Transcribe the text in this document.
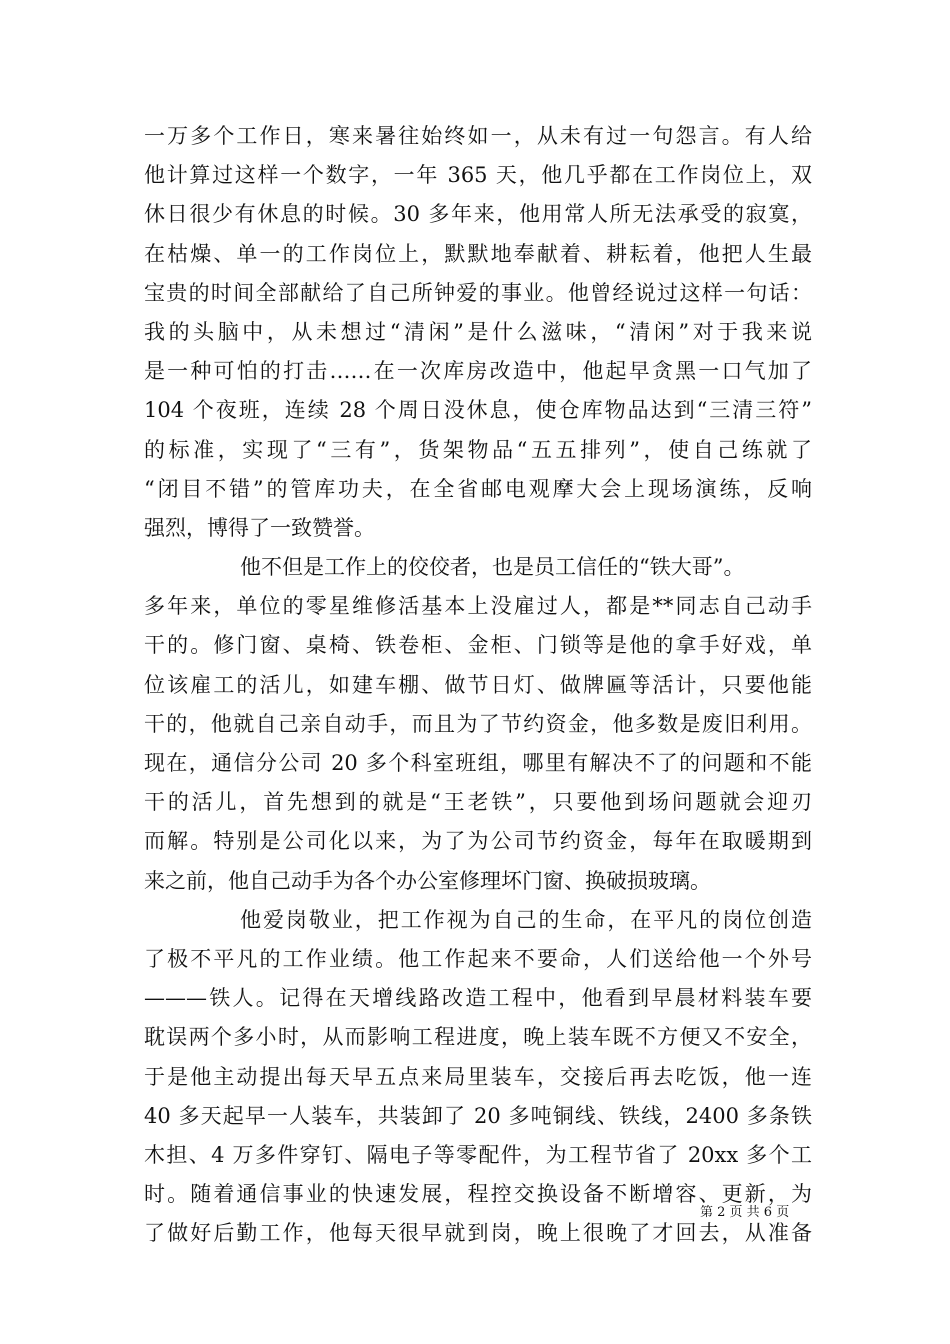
一万多个工作日，寒来暑往始终如一，从未有过一句怨言。有人给
他计算过这样一个数字，一年 365 天，他几乎都在工作岗位上，双
休日很少有休息的时候。30 多年来，他用常人所无法承受的寂寞，
在枯燥、单一的工作岗位上，默默地奉献着、耕耘着，他把人生最
宝贵的时间全部献给了自己所钟爱的事业。他曾经说过这样一句话：
我的头脑中，从未想过“清闲”是什么滋味，“清闲”对于我来说
是一种可怕的打击……在一次库房改造中，他起早贪黑一口气加了
104 个夜班，连续 28 个周日没休息，使仓库物品达到“三清三符”
的标准，实现了“三有”，货架物品“五五排列”，使自己练就了
“闭目不错”的管库功夫，在全省邮电观摩大会上现场演练，反响
强烈，博得了一致赞誉。
他不但是工作上的佼佼者，也是员工信任的“铁大哥”。
多年来，单位的零星维修活基本上没雇过人，都是**同志自己动手
干的。修门窗、桌椅、铁卷柜、金柜、门锁等是他的拿手好戏，单
位该雇工的活儿，如建车棚、做节日灯、做牌匾等活计，只要他能
干的，他就自己亲自动手，而且为了节约资金，他多数是废旧利用。
现在，通信分公司 20 多个科室班组，哪里有解决不了的问题和不能
干的活儿，首先想到的就是“王老铁”，只要他到场问题就会迎刃
而解。特别是公司化以来，为了为公司节约资金，每年在取暖期到
来之前，他自己动手为各个办公室修理坏门窗、换破损玻璃。
他爱岗敬业，把工作视为自己的生命，在平凡的岗位创造
了极不平凡的工作业绩。他工作起来不要命，人们送给他一个外号
———铁人。记得在天增线路改造工程中，他看到早晨材料装车要
耽误两个多小时，从而影响工程进度，晚上装车既不方便又不安全，
于是他主动提出每天早五点来局里装车，交接后再去吃饭，他一连
40 多天起早一人装车，共装卸了 20 多吨铜线、铁线，2400 多条铁
木担、4 万多件穿钉、隔电子等零配件，为工程节省了 20xx 多个工
时。随着通信事业的快速发展，程控交换设备不断增容、更新，为
了做好后勤工作，他每天很早就到岗，晚上很晚了才回去，从准备
第 2 页 共 6 页
